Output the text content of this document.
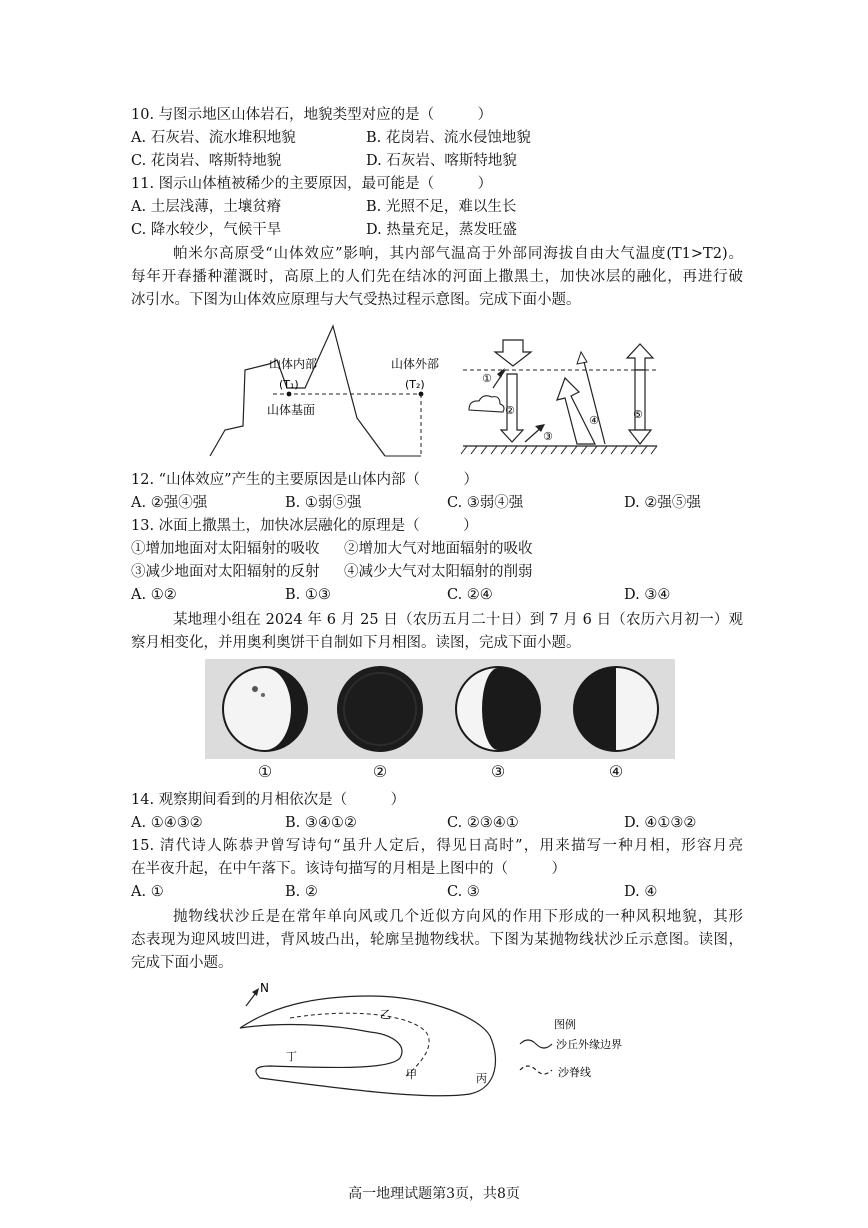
10. 与图示地区山体岩石，地貌类型对应的是（　　　）
A. 石灰岩、流水堆积地貌	B. 花岗岩、流水侵蚀地貌
C. 花岗岩、喀斯特地貌	D. 石灰岩、喀斯特地貌
11. 图示山体植被稀少的主要原因，最可能是（　　　）
A. 土层浅薄，土壤贫瘠	B. 光照不足，难以生长
C. 降水较少，气候干旱	D. 热量充足，蒸发旺盛
帕米尔高原受“山体效应”影响，其内部气温高于外部同海拔自由大气温度(T1>T2)。
每年开春播种灌溉时，高原上的人们先在结冰的河面上撒黑土，加快冰层的融化，再进行破
冰引水。下图为山体效应原理与大气受热过程示意图。完成下面小题。
山体内部
(T₁)
山体外部
(T₂)
山体基面
①
②
③
④	⑤
12. “山体效应”产生的主要原因是山体内部（　　　）
A. ②强④强	B. ①弱⑤强	C. ③弱④强	D. ②强⑤强
13. 冰面上撒黑土，加快冰层融化的原理是（　　　）
①增加地面对太阳辐射的吸收 ②增加大气对地面辐射的吸收
③减少地面对太阳辐射的反射 ④减少大气对太阳辐射的削弱
A. ①②	B. ①③	C. ②④	D. ③④
某地理小组在 2024 年 6 月 25 日（农历五月二十日）到 7 月 6 日（农历六月初一）观
察月相变化，并用奥利奥饼干自制如下月相图。读图，完成下面小题。
①	②	③	④
14. 观察期间看到的月相依次是（　　　）
A. ①④③②	B. ③④①②	C. ②③④①	D. ④①③②
15. 清代诗人陈恭尹曾写诗句“虽升人定后，得见日高时”，用来描写一种月相，形容月亮
在半夜升起，在中午落下。该诗句描写的月相是上图中的（　　　）
A. ①	B. ②	C. ③	D. ④
抛物线状沙丘是在常年单向风或几个近似方向风的作用下形成的一种风积地貌，其形
态表现为迎风坡凹进，背风坡凸出，轮廓呈抛物线状。下图为某抛物线状沙丘示意图。读图，
完成下面小题。
N
乙
丁
甲	丙
图例
沙丘外缘边界
沙脊线
高一地理试题第3页，共8页
